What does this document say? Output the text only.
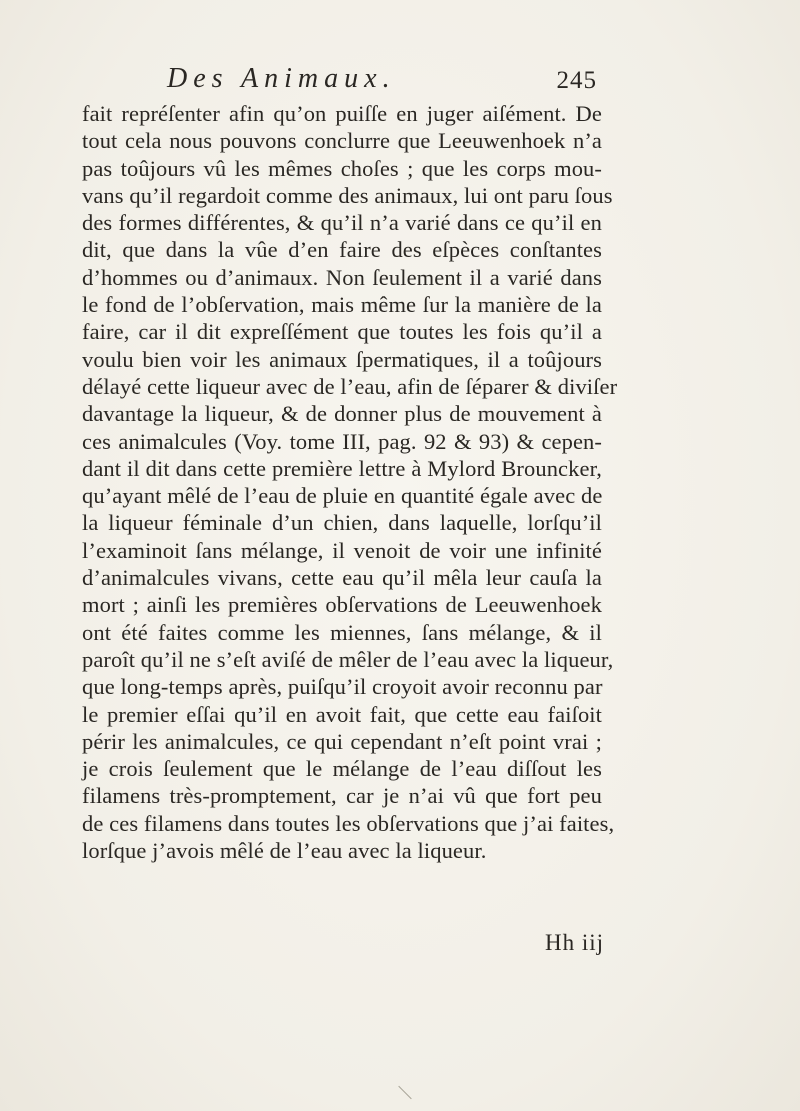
Des Animaux.	245
fait repréſenter afin qu’on puiſſe en juger aiſément. De
tout cela nous pouvons conclurre que Leeuwenhoek n’a
pas toûjours vû les mêmes choſes ; que les corps mou-
vans qu’il regardoit comme des animaux, lui ont paru ſous
des formes différentes, & qu’il n’a varié dans ce qu’il en
dit, que dans la vûe d’en faire des eſpèces conſtantes
d’hommes ou d’animaux. Non ſeulement il a varié dans
le fond de l’obſervation, mais même ſur la manière de la
faire, car il dit expreſſément que toutes les fois qu’il a
voulu bien voir les animaux ſpermatiques, il a toûjours
délayé cette liqueur avec de l’eau, afin de ſéparer & diviſer
davantage la liqueur, & de donner plus de mouvement à
ces animalcules (Voy. tome III, pag. 92 & 93) & cepen-
dant il dit dans cette première lettre à Mylord Brouncker,
qu’ayant mêlé de l’eau de pluie en quantité égale avec de
la liqueur féminale d’un chien, dans laquelle, lorſqu’il
l’examinoit ſans mélange, il venoit de voir une infinité
d’animalcules vivans, cette eau qu’il mêla leur cauſa la
mort ; ainſi les premières obſervations de Leeuwenhoek
ont été faites comme les miennes, ſans mélange, & il
paroît qu’il ne s’eſt aviſé de mêler de l’eau avec la liqueur,
que long-temps après, puiſqu’il croyoit avoir reconnu par
le premier eſſai qu’il en avoit fait, que cette eau faiſoit
périr les animalcules, ce qui cependant n’eſt point vrai ;
je crois ſeulement que le mélange de l’eau diſſout les
filamens très-promptement, car je n’ai vû que fort peu
de ces filamens dans toutes les obſervations que j’ai faites,
lorſque j’avois mêlé de l’eau avec la liqueur.
Hh iij
